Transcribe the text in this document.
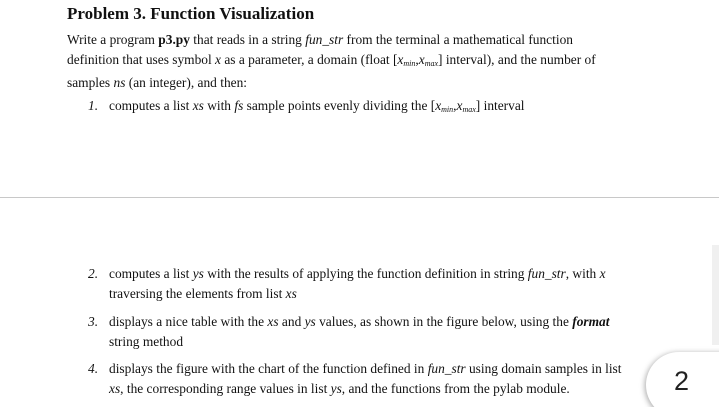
Problem 3. Function Visualization

Write a program p3.py that reads in a string fun_str from the terminal a mathematical function

definition that uses symbol x as a parameter, a domain (float $[x_{min},x_{max}]$ interval), and the number of

samples ns (an integer), and then:

1. computes a list xs with fs sample points evenly dividing the $[x_{min},x_{max}]$ interval

2. computes a list ys with the results of applying the function definition in string fun_str, with x

traversing the elements from list xs

3. displays a nice table with the xs and ys values, as shown in the figure below, using the format

string method

4. displays the figure with the chart of the function defined in fun_str using domain samples in list

xs, the corresponding range values in list ys, and the functions from the pylab module.	2
